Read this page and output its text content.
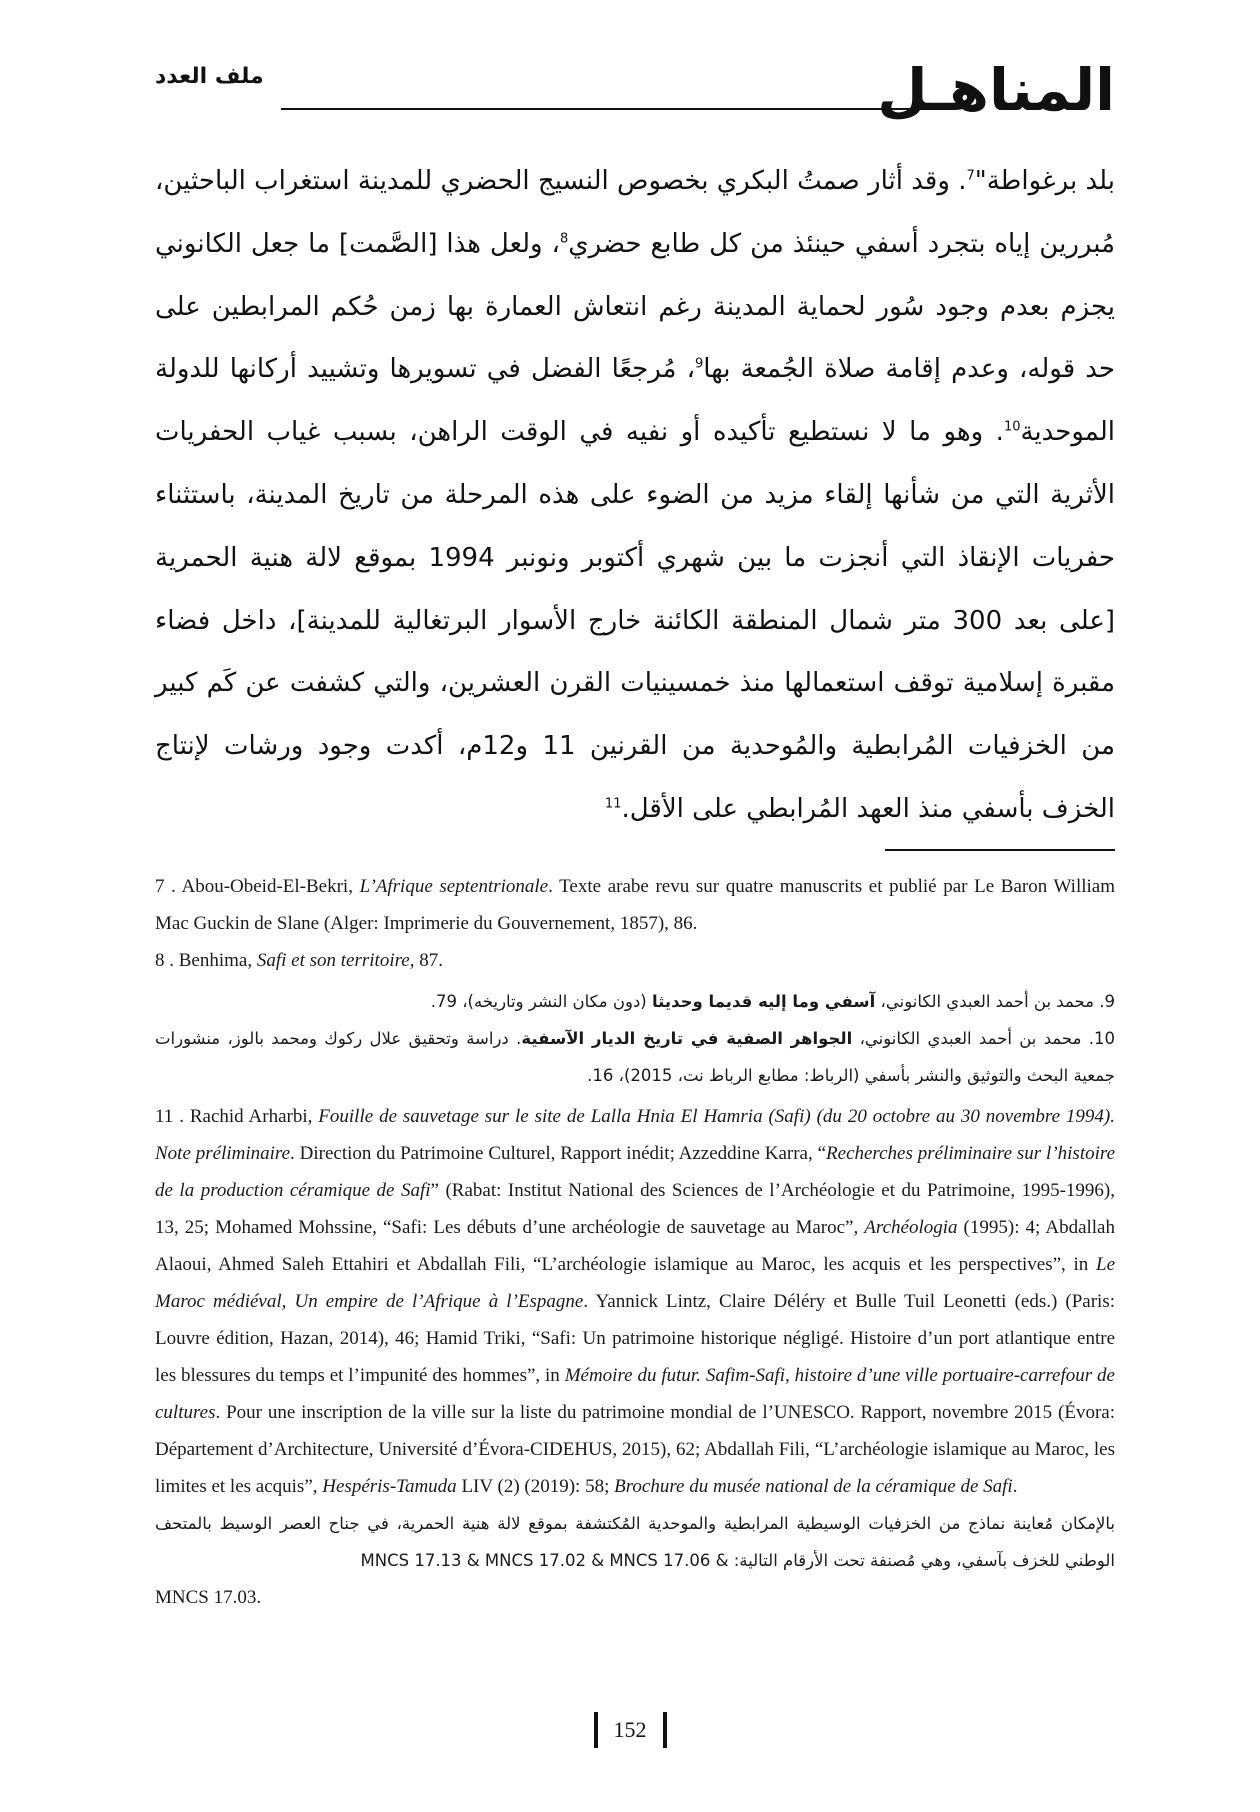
المناهـل
ملف العدد
بلد برغواطة"$^7$. وقد أثار صمتُ البكري بخصوص النسيج الحضري للمدينة استغراب الباحثين، مُبررين إياه بتجرد أسفي حينئذ من كل طابع حضري$^8$، ولعل هذا [الصَّمت] ما جعل الكانوني يجزم بعدم وجود سُور لحماية المدينة رغم انتعاش العمارة بها زمن حُكم المرابطين على حد قوله، وعدم إقامة صلاة الجُمعة بها$^9$، مُرجعًا الفضل في تسويرها وتشييد أركانها للدولة الموحدية$^{10}$. وهو ما لا نستطيع تأكيده أو نفيه في الوقت الراهن، بسبب غياب الحفريات الأثرية التي من شأنها إلقاء مزيد من الضوء على هذه المرحلة من تاريخ المدينة، باستثناء حفريات الإنقاذ التي أنجزت ما بين شهري أكتوبر ونونبر 1994 بموقع لالة هنية الحمرية [على بعد 300 متر شمال المنطقة الكائنة خارج الأسوار البرتغالية للمدينة]، داخل فضاء مقبرة إسلامية توقف استعمالها منذ خمسينيات القرن العشرين، والتي كشفت عن كَم كبير من الخزفيات المُرابطية والمُوحدية من القرنين 11 و12م، أكدت وجود ورشات لإنتاج الخزف بأسفي منذ العهد المُرابطي على الأقل.$^{11}$

7 . Abou-Obeid-El-Bekri, L’Afrique septentrionale. Texte arabe revu sur quatre manuscrits et publié par Le Baron William Mac Guckin de Slane (Alger: Imprimerie du Gouvernement, 1857), 86.

8 . Benhima, Safi et son territoire, 87.

9. محمد بن أحمد العبدي الكانوني، آسفي وما إليه قديما وحديثا (دون مكان النشر وتاريخه)، 79.

10. محمد بن أحمد العبدي الكانوني، الجواهر الصفية في تاريخ الديار الآسفية. دراسة وتحقيق علال ركوك ومحمد بالوز، منشورات جمعية البحث والتوثيق والنشر بأسفي (الرباط: مطابع الرباط نت، 2015)، 16.

11 . Rachid Arharbi, Fouille de sauvetage sur le site de Lalla Hnia El Hamria (Safi) (du 20 octobre au 30 novembre 1994). Note préliminaire. Direction du Patrimoine Culturel, Rapport inédit; Azzeddine Karra, “Recherches préliminaire sur l’histoire de la production céramique de Safi” (Rabat: Institut National des Sciences de l’Archéologie et du Patrimoine, 1995-1996), 13, 25; Mohamed Mohssine, “Safi: Les débuts d’une archéologie de sauvetage au Maroc”, Archéologia (1995): 4; Abdallah Alaoui, Ahmed Saleh Ettahiri et Abdallah Fili, “L’archéologie islamique au Maroc, les acquis et les perspectives”, in Le Maroc médiéval, Un empire de l’Afrique à l’Espagne. Yannick Lintz, Claire Déléry et Bulle Tuil Leonetti (eds.) (Paris: Louvre édition, Hazan, 2014), 46; Hamid Triki, “Safi: Un patrimoine historique négligé. Histoire d’un port atlantique entre les blessures du temps et l’impunité des hommes”, in Mémoire du futur. Safim-Safi, histoire d’une ville portuaire-carrefour de cultures. Pour une inscription de la ville sur la liste du patrimoine mondial de l’UNESCO. Rapport, novembre 2015 (Évora: Département d’Architecture, Université d’Évora-CIDEHUS, 2015), 62; Abdallah Fili, “L’archéologie islamique au Maroc, les limites et les acquis”, Hespéris-Tamuda LIV (2) (2019): 58; Brochure du musée national de la céramique de Safi.

بالإمكان مُعاينة نماذج من الخزفيات الوسيطية المرابطية والموحدية المُكتشفة بموقع لالة هنية الحمرية، في جناح العصر الوسيط بالمتحف الوطني للخزف بآسفي، وهي مُصنفة تحت الأرقام التالية: & MNCS 17.13 & MNCS 17.02 & MNCS 17.06

MNCS 17.03.

152
